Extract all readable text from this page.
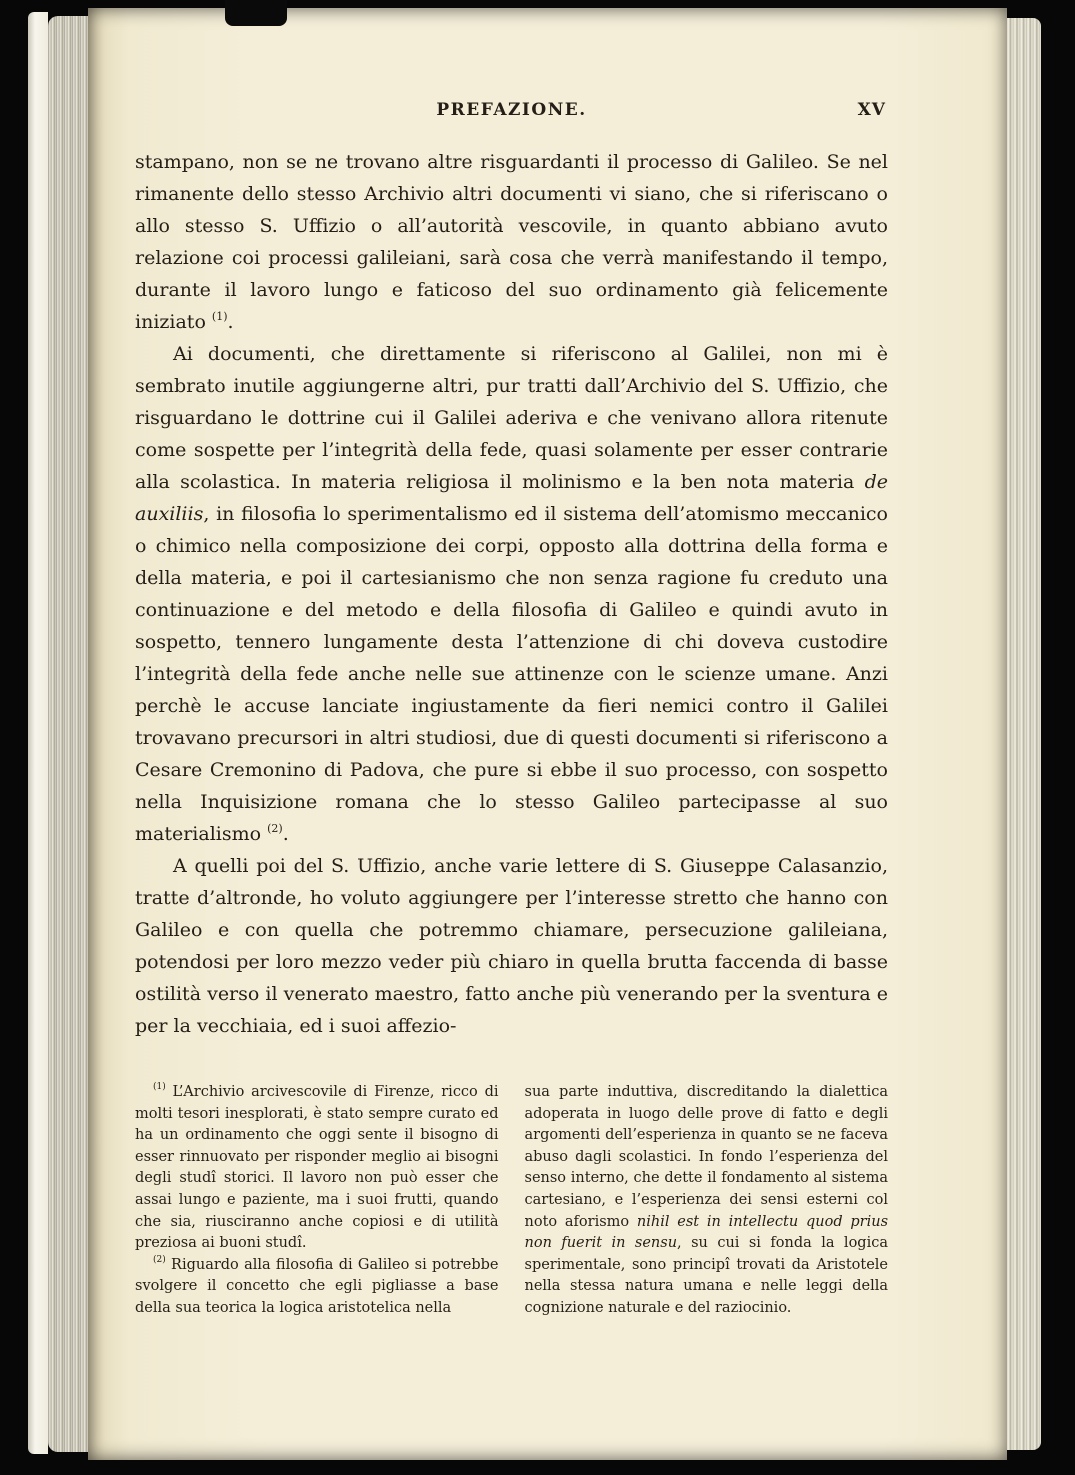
PREFAZIONE.	XV

stampano, non se ne trovano altre risguardanti il processo di Galileo. Se nel rimanente dello stesso Archivio altri documenti vi siano, che si riferiscano o allo stesso S. Uffizio o all’autorità vescovile, in quanto abbiano avuto relazione coi processi galileiani, sarà cosa che verrà manifestando il tempo, durante il lavoro lungo e faticoso del suo ordinamento già felicemente iniziato $^{(1)}$.

Ai documenti, che direttamente si riferiscono al Galilei, non mi è sembrato inutile aggiungerne altri, pur tratti dall’Archivio del S. Uffizio, che risguardano le dottrine cui il Galilei aderiva e che venivano allora ritenute come sospette per l’integrità della fede, quasi solamente per esser contrarie alla scolastica. In materia religiosa il molinismo e la ben nota materia de auxiliis, in filosofia lo sperimentalismo ed il sistema dell’atomismo meccanico o chimico nella composizione dei corpi, opposto alla dottrina della forma e della materia, e poi il cartesianismo che non senza ragione fu creduto una continuazione e del metodo e della filosofia di Galileo e quindi avuto in sospetto, tennero lungamente desta l’attenzione di chi doveva custodire l’integrità della fede anche nelle sue attinenze con le scienze umane. Anzi perchè le accuse lanciate ingiustamente da fieri nemici contro il Galilei trovavano precursori in altri studiosi, due di questi documenti si riferiscono a Cesare Cremonino di Padova, che pure si ebbe il suo processo, con sospetto nella Inquisizione romana che lo stesso Galileo partecipasse al suo materialismo $^{(2)}$.

A quelli poi del S. Uffizio, anche varie lettere di S. Giuseppe Calasanzio, tratte d’altronde, ho voluto aggiungere per l’interesse stretto che hanno con Galileo e con quella che potremmo chiamare, persecuzione galileiana, potendosi per loro mezzo veder più chiaro in quella brutta faccenda di basse ostilità verso il venerato maestro, fatto anche più venerando per la sventura e per la vecchiaia, ed i suoi affezio-

$^{(1)}$ L’Archivio arcivescovile di Firenze, ricco di molti tesori inesplorati, è stato sempre curato ed ha un ordinamento che oggi sente il bisogno di esser rinnuovato per risponder meglio ai bisogni degli studî storici. Il lavoro non può esser che assai lungo e paziente, ma i suoi frutti, quando che sia, riusciranno anche copiosi e di utilità preziosa ai buoni studî.

$^{(2)}$ Riguardo alla filosofia di Galileo si potrebbe svolgere il concetto che egli pigliasse a base della sua teorica la logica aristotelica nella

sua parte induttiva, discreditando la dialettica adoperata in luogo delle prove di fatto e degli argomenti dell’esperienza in quanto se ne faceva abuso dagli scolastici. In fondo l’esperienza del senso interno, che dette il fondamento al sistema cartesiano, e l’esperienza dei sensi esterni col noto aforismo nihil est in intellectu quod prius non fuerit in sensu, su cui si fonda la logica sperimentale, sono principî trovati da Aristotele nella stessa natura umana e nelle leggi della cognizione naturale e del raziocinio.
